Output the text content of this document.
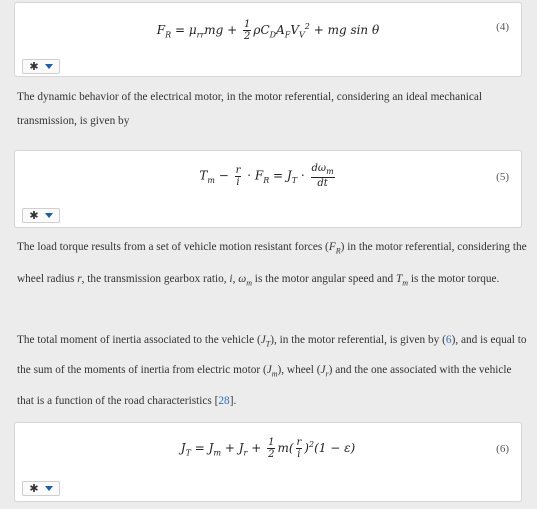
$F_R = \mu_{rr}mg + \frac{1}{2} \rho C_DA_FV_V^2$ + mg sin θ	(4)
✱
The dynamic behavior of the electrical motor, in the motor referential, considering an ideal mechanical transmission, is given by
$T_m - \frac{r}{i} \cdot F_R = J_T \cdot \frac{d\omega_m}{dt}$	(5)
✱
The load torque results from a set of vehicle motion resistant forces $(F_R)$ in the motor referential, considering the wheel radius r, the transmission gearbox ratio, i, $\omega_m$ is the motor angular speed and $T_m$ is the motor torque.
The total moment of inertia associated to the vehicle $(J_T)$, in the motor referential, is given by (6), and is equal to the sum of the moments of inertia from electric motor $(J_m)$, wheel $(J_r)$ and the one associated with the vehicle that is a function of the road characteristics [28].
$J_T = J_m + J_r + \frac{1}{2} m( \frac{r}{i} )^2(1 - \varepsilon)$	(6)
✱
